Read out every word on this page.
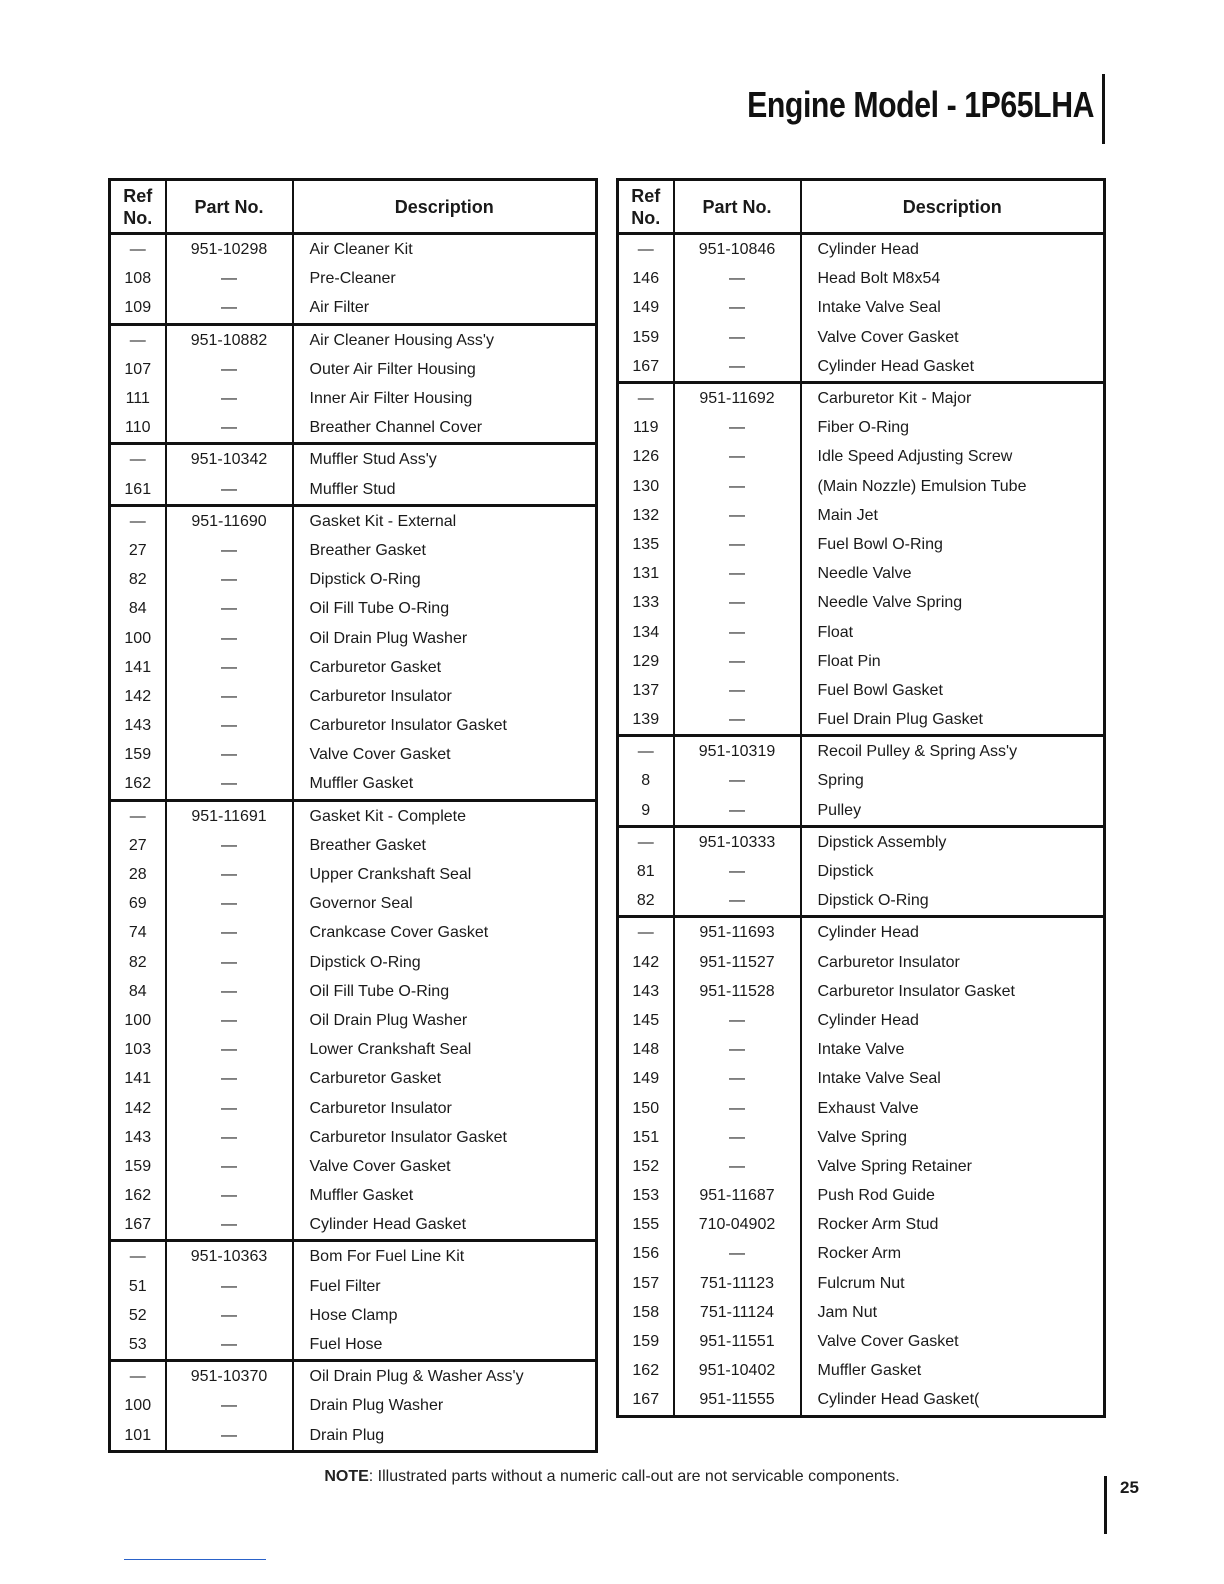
Engine Model - 1P65LHA
Ref No.	Part No.	Description
—	951-10298	Air Cleaner Kit
108	—	Pre-Cleaner
109	—	Air Filter
—	951-10882	Air Cleaner Housing Ass'y
107	—	Outer Air Filter Housing
111	—	Inner Air Filter Housing
110	—	Breather Channel Cover
—	951-10342	Muffler Stud Ass'y
161	—	Muffler Stud
—	951-11690	Gasket Kit - External
27	—	Breather Gasket
82	—	Dipstick O-Ring
84	—	Oil Fill Tube O-Ring
100	—	Oil Drain Plug Washer
141	—	Carburetor Gasket
142	—	Carburetor Insulator
143	—	Carburetor Insulator Gasket
159	—	Valve Cover Gasket
162	—	Muffler Gasket
—	951-11691	Gasket Kit - Complete
27	—	Breather Gasket
28	—	Upper Crankshaft Seal
69	—	Governor Seal
74	—	Crankcase Cover Gasket
82	—	Dipstick O-Ring
84	—	Oil Fill Tube O-Ring
100	—	Oil Drain Plug Washer
103	—	Lower Crankshaft Seal
141	—	Carburetor Gasket
142	—	Carburetor Insulator
143	—	Carburetor Insulator Gasket
159	—	Valve Cover Gasket
162	—	Muffler Gasket
167	—	Cylinder Head Gasket
—	951-10363	Bom For Fuel Line Kit
51	—	Fuel Filter
52	—	Hose Clamp
53	—	Fuel Hose
—	951-10370	Oil Drain Plug & Washer Ass'y
100	—	Drain Plug Washer
101	—	Drain Plug
Ref No.	Part No.	Description
—	951-10846	Cylinder Head
146	—	Head Bolt M8x54
149	—	Intake Valve Seal
159	—	Valve Cover Gasket
167	—	Cylinder Head Gasket
—	951-11692	Carburetor Kit - Major
119	—	Fiber O-Ring
126	—	Idle Speed Adjusting Screw
130	—	(Main Nozzle) Emulsion Tube
132	—	Main Jet
135	—	Fuel Bowl O-Ring
131	—	Needle Valve
133	—	Needle Valve Spring
134	—	Float
129	—	Float Pin
137	—	Fuel Bowl Gasket
139	—	Fuel Drain Plug Gasket
—	951-10319	Recoil Pulley & Spring Ass'y
8	—	Spring
9	—	Pulley
—	951-10333	Dipstick Assembly
81	—	Dipstick
82	—	Dipstick O-Ring
—	951-11693	Cylinder Head
142	951-11527	Carburetor Insulator
143	951-11528	Carburetor Insulator Gasket
145	—	Cylinder Head
148	—	Intake Valve
149	—	Intake Valve Seal
150	—	Exhaust Valve
151	—	Valve Spring
152	—	Valve Spring Retainer
153	951-11687	Push Rod Guide
155	710-04902	Rocker Arm Stud
156	—	Rocker Arm
157	751-11123	Fulcrum Nut
158	751-11124	Jam Nut
159	951-11551	Valve Cover Gasket
162	951-10402	Muffler Gasket
167	951-11555	Cylinder Head Gasket(
NOTE: Illustrated parts without a numeric call-out are not servicable components.
25
